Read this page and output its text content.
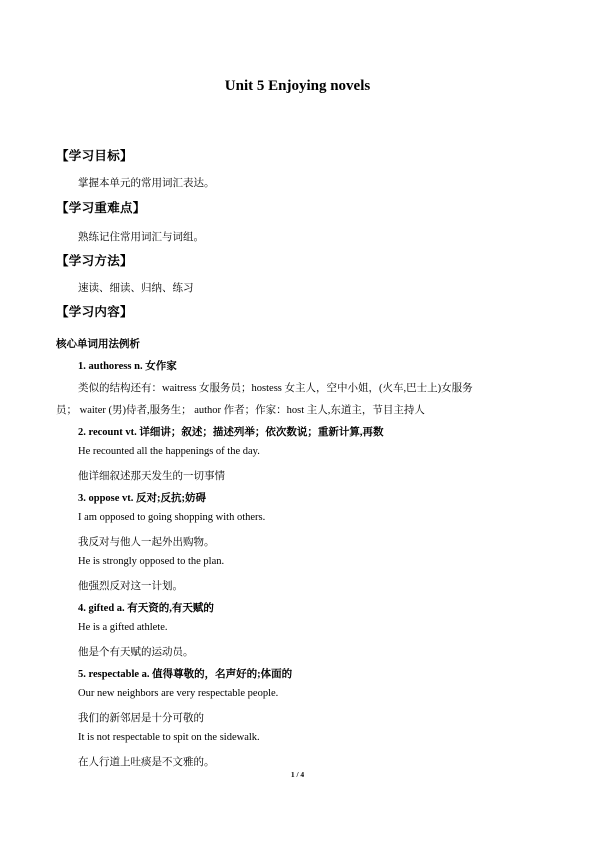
Unit 5 Enjoying novels
【学习目标】
掌握本单元的常用词汇表达。
【学习重难点】
熟练记住常用词汇与词组。
【学习方法】
速读、细读、归纳、练习
【学习内容】
核心单词用法例析
1. authoress n. 女作家
类似的结构还有：waitress 女服务员；hostess 女主人，空中小姐，(火车,巴士上)女服务
员； waiter (男)侍者,服务生； author 作者；作家：host 主人,东道主，节目主持人
2. recount vt. 详细讲；叙述；描述列举；依次数说；重新计算,再数
He recounted all the happenings of the day.
他详细叙述那天发生的一切事情
3. oppose vt. 反对;反抗;妨碍
I am opposed to going shopping with others.
我反对与他人一起外出购物。
He is strongly opposed to the plan.
他强烈反对这一计划。
4. gifted a. 有天资的,有天赋的
He is a gifted athlete.
他是个有天赋的运动员。
5. respectable a. 值得尊敬的，名声好的;体面的
Our new neighbors are very respectable people.
我们的新邻居是十分可敬的
It is not respectable to spit on the sidewalk.
在人行道上吐痰是不文雅的。
1 / 4
